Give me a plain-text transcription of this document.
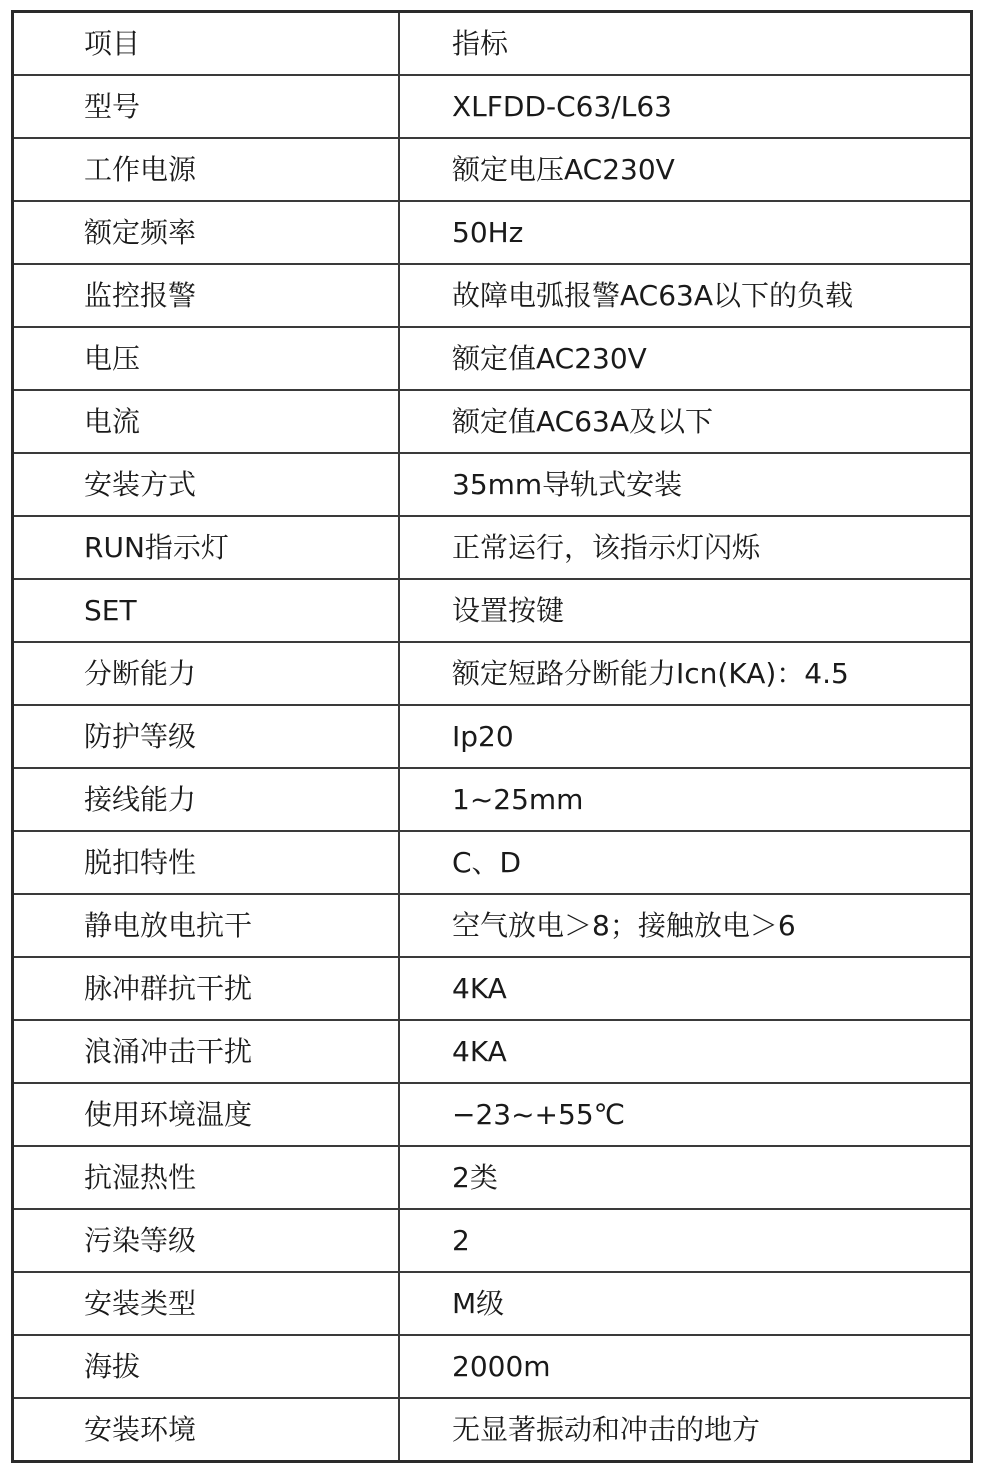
项目	指标
型号	XLFDD-C63/L63
工作电源	额定电压AC230V
额定频率	50Hz
监控报警	故障电弧报警AC63A以下的负载
电压	额定值AC230V
电流	额定值AC63A及以下
安装方式	35mm导轨式安装
RUN指示灯	正常运行，该指示灯闪烁
SET	设置按键
分断能力	额定短路分断能力Icn(KA)：4.5
防护等级	Ip20
接线能力	1~25mm
脱扣特性	C、D
静电放电抗干	空气放电＞8；接触放电＞6
脉冲群抗干扰	4KA
浪涌冲击干扰	4KA
使用环境温度	−23~+55℃
抗湿热性	2类
污染等级	2
安装类型	M级
海拔	2000m
安装环境	无显著振动和冲击的地方
